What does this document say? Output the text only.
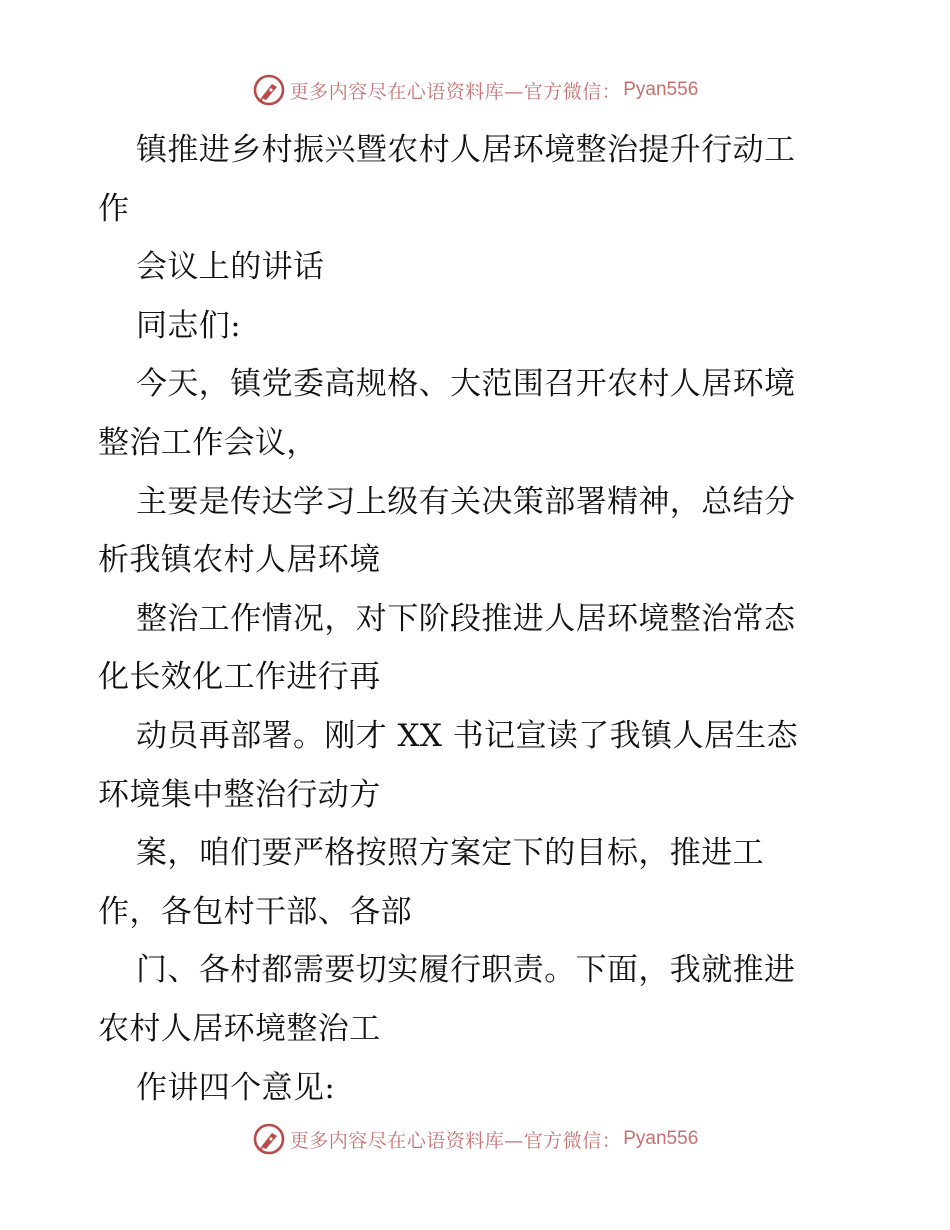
更多内容尽在心语资料库—官方微信： Pyan556

镇推进乡村振兴暨农村人居环境整治提升行动工
作

会议上的讲话

同志们:

今天，镇党委高规格、大范围召开农村人居环境
整治工作会议，

主要是传达学习上级有关决策部署精神，总结分
析我镇农村人居环境

整治工作情况，对下阶段推进人居环境整治常态
化长效化工作进行再

动员再部署。刚才 XX 书记宣读了我镇人居生态
环境集中整治行动方

案，咱们要严格按照方案定下的目标，推进工
作，各包村干部、各部

门、各村都需要切实履行职责。下面，我就推进
农村人居环境整治工

作讲四个意见:

更多内容尽在心语资料库—官方微信： Pyan556
